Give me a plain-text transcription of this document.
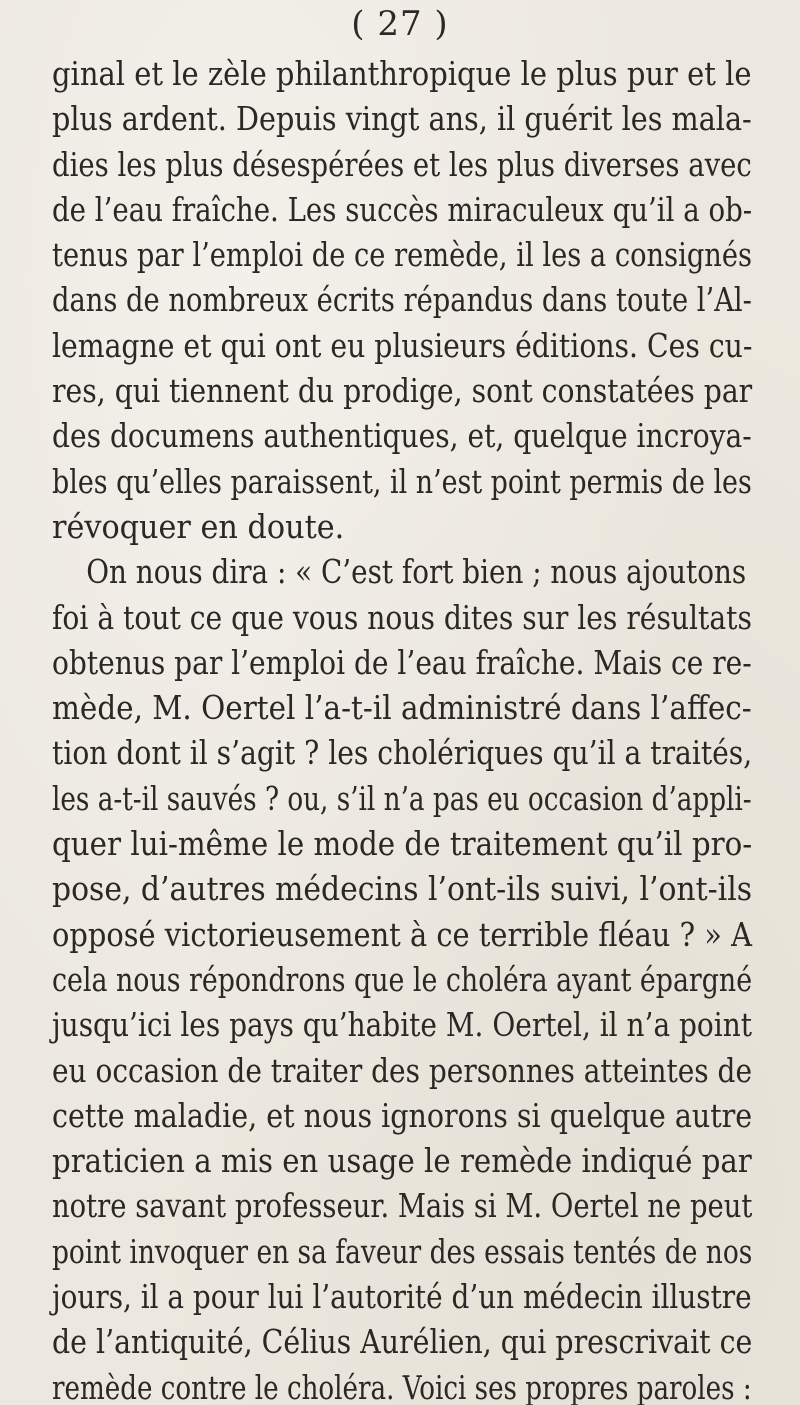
( 27 )
ginal et le zèle philanthropique le plus pur et le
plus ardent. Depuis vingt ans, il guérit les mala-
dies les plus désespérées et les plus diverses avec
de l’eau fraîche. Les succès miraculeux qu’il a ob-
tenus par l’emploi de ce remède, il les a consignés
dans de nombreux écrits répandus dans toute l’Al-
lemagne et qui ont eu plusieurs éditions. Ces cu-
res, qui tiennent du prodige, sont constatées par
des documens authentiques, et, quelque incroya-
bles qu’elles paraissent, il n’est point permis de les
révoquer en doute.
On nous dira : « C’est fort bien ; nous ajoutons
foi à tout ce que vous nous dites sur les résultats
obtenus par l’emploi de l’eau fraîche. Mais ce re-
mède, M. Oertel l’a-t-il administré dans l’affec-
tion dont il s’agit ? les cholériques qu’il a traités,
les a-t-il sauvés ? ou, s’il n’a pas eu occasion d’appli-
quer lui-même le mode de traitement qu’il pro-
pose, d’autres médecins l’ont-ils suivi, l’ont-ils
opposé victorieusement à ce terrible fléau ? » A
cela nous répondrons que le choléra ayant épargné
jusqu’ici les pays qu’habite M. Oertel, il n’a point
eu occasion de traiter des personnes atteintes de
cette maladie, et nous ignorons si quelque autre
praticien a mis en usage le remède indiqué par
notre savant professeur. Mais si M. Oertel ne peut
point invoquer en sa faveur des essais tentés de nos
jours, il a pour lui l’autorité d’un médecin illustre
de l’antiquité, Célius Aurélien, qui prescrivait ce
remède contre le choléra. Voici ses propres paroles :
